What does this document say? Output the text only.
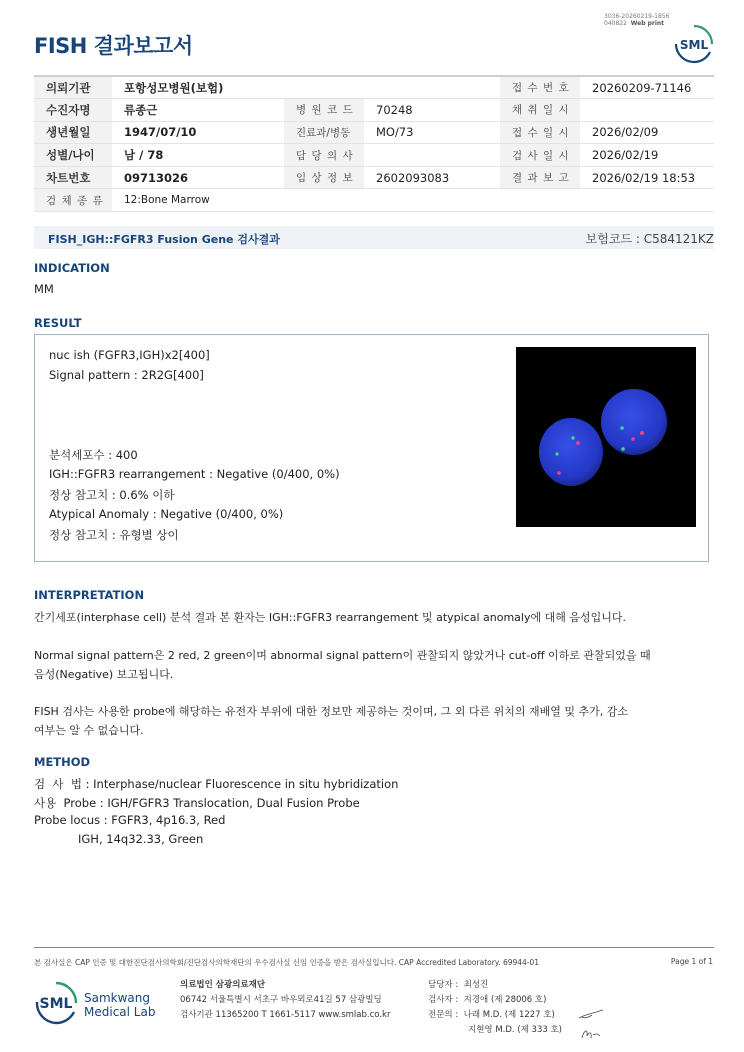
FISH 결과보고서
3036-20260219-1856
040822 Web print
SML
의뢰기관	포항성모병원(보험)			접 수 번 호	20260209-71146
수진자명	류종근	병 원 코 드	70248	채 취 일 시	
생년월일	1947/07/10	진료과/병동	MO/73	접 수 일 시	2026/02/09
성별/나이	남 / 78	담 당 의 사		검 사 일 시	2026/02/19
차트번호	09713026	임 상 정 보	2602093083	결 과 보 고	2026/02/19 18:53
검 체 종 류	12:Bone Marrow				
FISH_IGH::FGFR3 Fusion Gene 검사결과	보험코드 : C584121KZ
INDICATION
MM
RESULT
nuc ish (FGFR3,IGH)x2[400]
Signal pattern : 2R2G[400]
분석세포수 : 400
IGH::FGFR3 rearrangement : Negative (0/400, 0%)
정상 참고치 : 0.6% 이하
Atypical Anomaly : Negative (0/400, 0%)
정상 참고치 : 유형별 상이
INTERPRETATION
간기세포(interphase cell) 분석 결과 본 환자는 IGH::FGFR3 rearrangement 및 atypical anomaly에 대해 음성입니다.
Normal signal pattern은 2 red, 2 green이며 abnormal signal pattern이 관찰되지 않았거나 cut-off 이하로 관찰되었을 때
음성(Negative) 보고됩니다.
FISH 검사는 사용한 probe에 해당하는 유전자 부위에 대한 정보만 제공하는 것이며, 그 외 다른 위치의 재배열 및 추가, 감소
여부는 알 수 없습니다.
METHOD
검  사  법 : Interphase/nuclear Fluorescence in situ hybridization
사용  Probe : IGH/FGFR3 Translocation, Dual Fusion Probe
Probe locus : FGFR3, 4p16.3, Red
IGH, 14q32.33, Green
본 검사실은 CAP 인증 및 대한진단검사의학회/진단검사의학재단의 우수검사실 신임 인증을 받은 검사실입니다. CAP Accredited Laboratory. 69944-01	Page 1 of 1
SML Samkwang
Medical Lab
의료법인 삼광의료재단
06742 서울특별시 서초구 바우뫼로41길 57 삼광빌딩
검사기관 11365200 T 1661-5117 www.smlab.co.kr
담당자 : 최성진
검사자 : 지경애 (제 28006 호)
전문의 : 나래 M.D. (제 1227 호)
지현영 M.D. (제 333 호)
